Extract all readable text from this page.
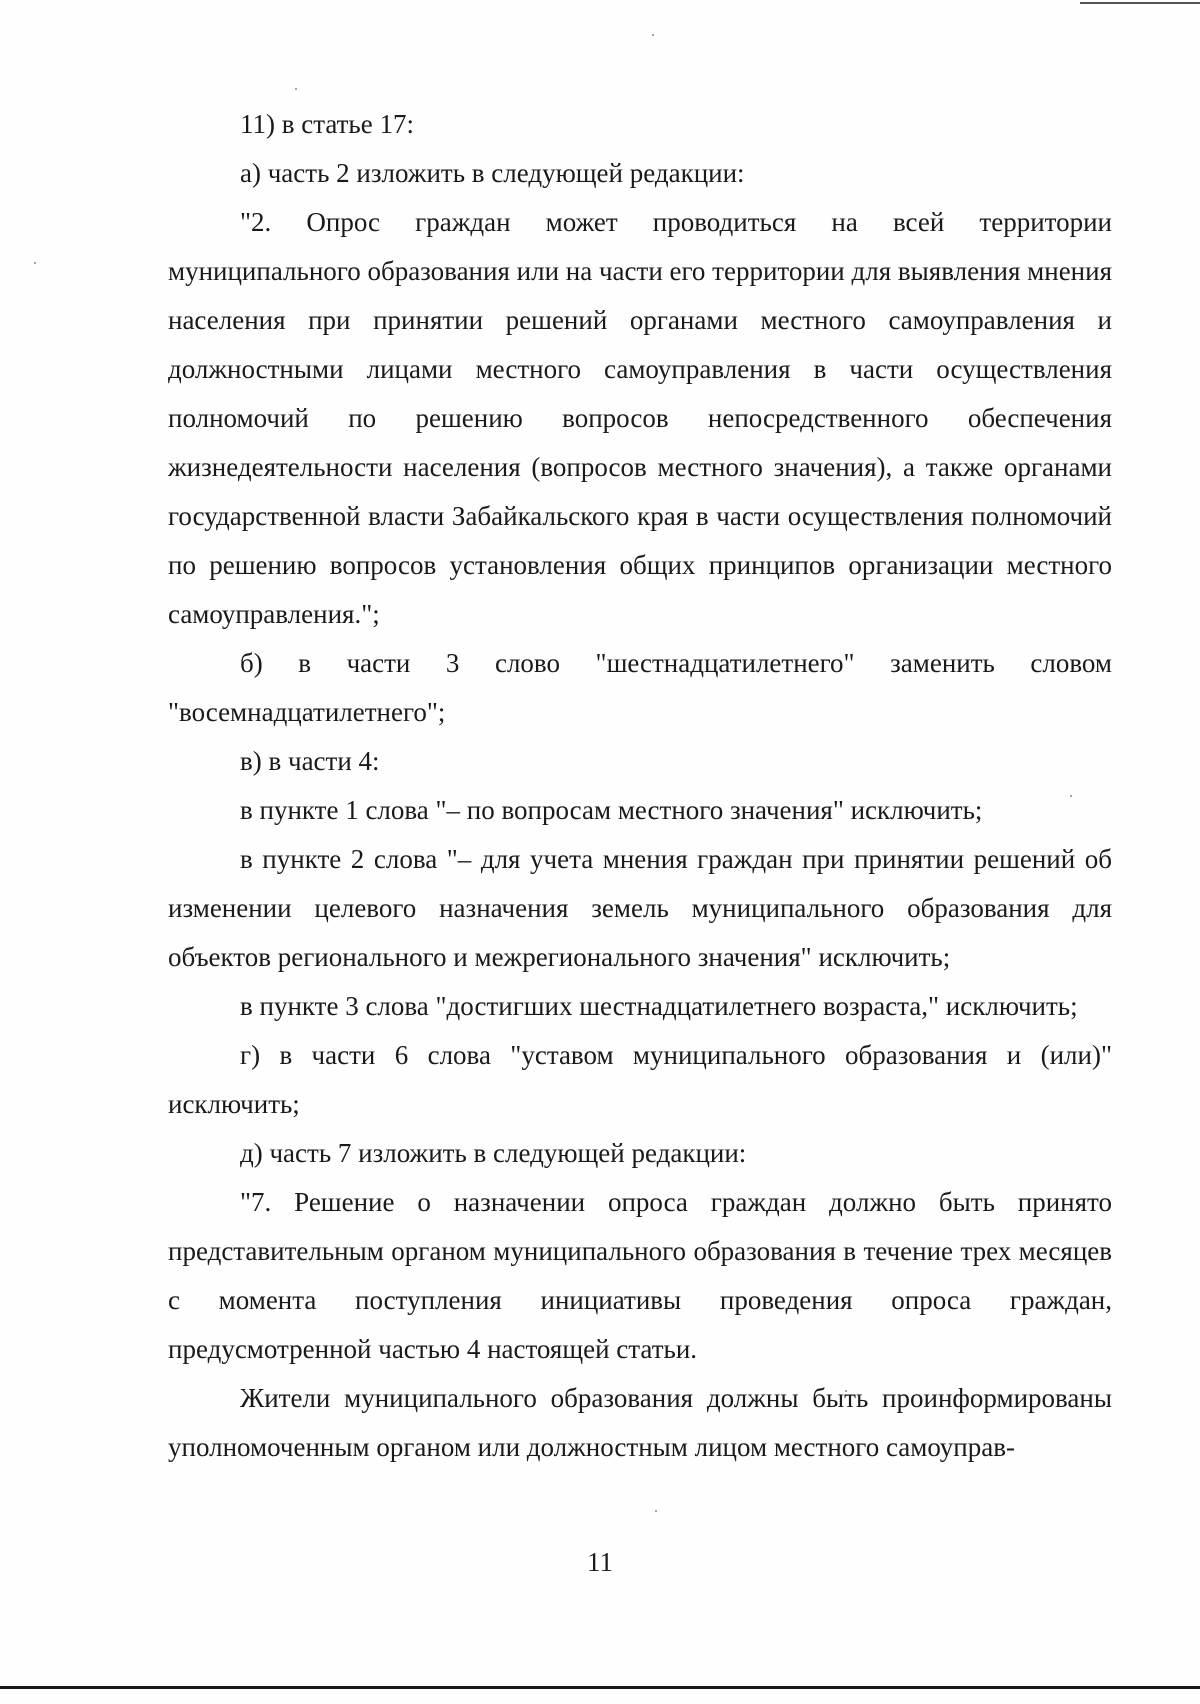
11) в статье 17:

а) часть 2 изложить в следующей редакции:

"2. Опрос граждан может проводиться на всей территории муниципального образования или на части его территории для выявления мнения населения при принятии решений органами местного самоуправления и должностными лицами местного самоуправления в части осуществления полномочий по решению вопросов непосредственного обеспечения жизнедеятельности населения (вопросов местного значения), а также органами государственной власти Забайкальского края в части осуществления полномочий по решению вопросов установления общих принципов организации местного самоуправления.";

б) в части 3 слово "шестнадцатилетнего" заменить словом "восемнадцатилетнего";

в) в части 4:

в пункте 1 слова "– по вопросам местного значения" исключить;

в пункте 2 слова "– для учета мнения граждан при принятии решений об изменении целевого назначения земель муниципального образования для объектов регионального и межрегионального значения" исключить;

в пункте 3 слова "достигших шестнадцатилетнего возраста," исключить;

г) в части 6 слова "уставом муниципального образования и (или)" исключить;

д) часть 7 изложить в следующей редакции:

"7. Решение о назначении опроса граждан должно быть принято представительным органом муниципального образования в течение трех месяцев с момента поступления инициативы проведения опроса граждан, предусмотренной частью 4 настоящей статьи.

Жители муниципального образования должны быть проинформированы уполномоченным органом или должностным лицом местного самоуправ-

11
